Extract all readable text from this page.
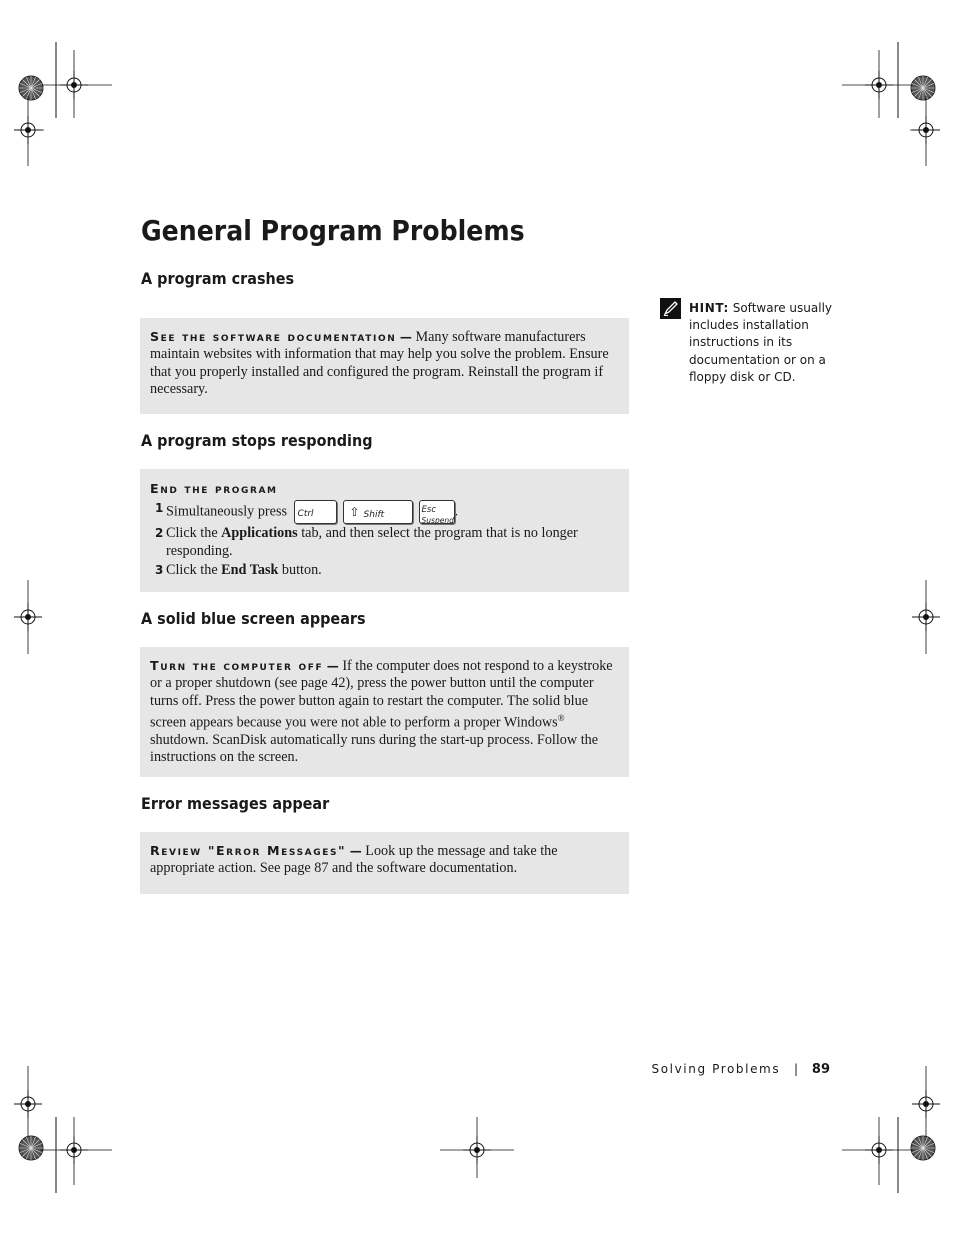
General Program Problems
A program crashes

See the software documentation — Many software manufacturers maintain websites with information that may help you solve the problem. Ensure that you properly installed and configured the program. Reinstall the program if necessary.

A program stops responding

End the program

1 Simultaneously press Ctrl	⇧ Shift	Esc
Suspend
.
2 Click the Applications tab, and then select the program that is no longer responding.
3 Click the End Task button.
A solid blue screen appears

Turn the computer off — If the computer does not respond to a keystroke or a proper shutdown (see page 42), press the power button until the computer turns off. Press the power button again to restart the computer. The solid blue screen appears because you were not able to perform a proper Windows® shutdown. ScanDisk automatically runs during the start-up process. Follow the instructions on the screen.

Error messages appear

Review "Error Messages" — Look up the message and take the appropriate action. See page 87 and the software documentation.

HINT: Software usually includes installation instructions in its documentation or on a floppy disk or CD.

Solving Problems | 89
